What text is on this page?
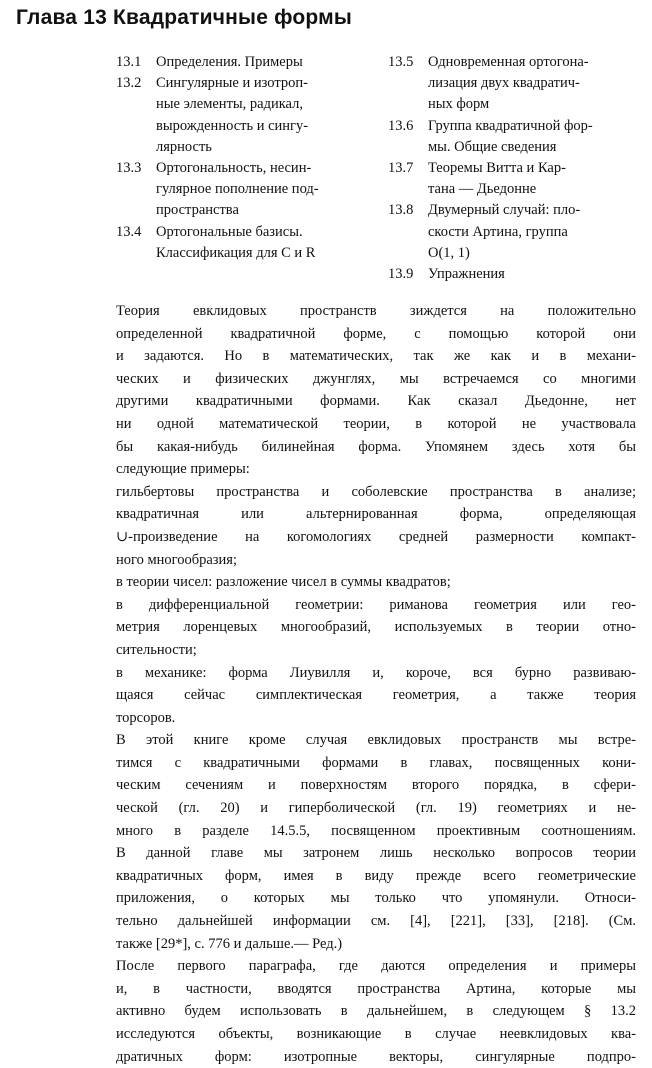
Глава 13 Квадратичные формы
13.1	Определения. Примеры
13.2	Сингулярные и изотроп-
ные элементы, радикал,
вырожденность и сингу-
лярность
13.3	Ортогональность, несин-
гулярное пополнение под-
пространства
13.4	Ортогональные базисы.
Классификация для C и R
13.5	Одновременная ортогона-
лизация двух квадратич-
ных форм
13.6	Группа квадратичной фор-
мы. Общие сведения
13.7	Теоремы Витта и Кар-
тана — Дьедонне
13.8	Двумерный случай: пло-
скости Артина, группа
O(1, 1)
13.9	Упражнения
Теория евклидовых пространств зиждется на положительно
определенной квадратичной форме, с помощью которой они
и задаются. Но в математических, так же как и в механи-
ческих и физических джунглях, мы встречаемся со многими
другими квадратичными формами. Как сказал Дьедонне, нет
ни одной математической теории, в которой не участвовала
бы какая-нибудь билинейная форма. Упомянем здесь хотя бы
следующие примеры:
гильбертовы пространства и соболевские пространства в анализе;
квадратичная или альтернированная форма, определяющая
∪-произведение на когомологиях средней размерности компакт-
ного многообразия;
в теории чисел: разложение чисел в суммы квадратов;
в дифференциальной геометрии: риманова геометрия или гео-
метрия лоренцевых многообразий, используемых в теории отно-
сительности;
в механике: форма Лиувилля и, короче, вся бурно развиваю-
щаяся сейчас симплектическая геометрия, а также теория
торсоров.
В этой книге кроме случая евклидовых пространств мы встре-
тимся с квадратичными формами в главах, посвященных кони-
ческим сечениям и поверхностям второго порядка, в сфери-
ческой (гл. 20) и гиперболической (гл. 19) геометриях и не-
много в разделе 14.5.5, посвященном проективным соотношениям.
В данной главе мы затронем лишь несколько вопросов теории
квадратичных форм, имея в виду прежде всего геометрические
приложения, о которых мы только что упомянули. Относи-
тельно дальнейшей информации см. [4], [221], [33], [218]. (См.
также [29*], с. 776 и дальше.— Ред.)
После первого параграфа, где даются определения и примеры
и, в частности, вводятся пространства Артина, которые мы
активно будем использовать в дальнейшем, в следующем § 13.2
исследуются объекты, возникающие в случае неевклидовых ква-
дратичных форм: изотропные векторы, сингулярные подпро-
